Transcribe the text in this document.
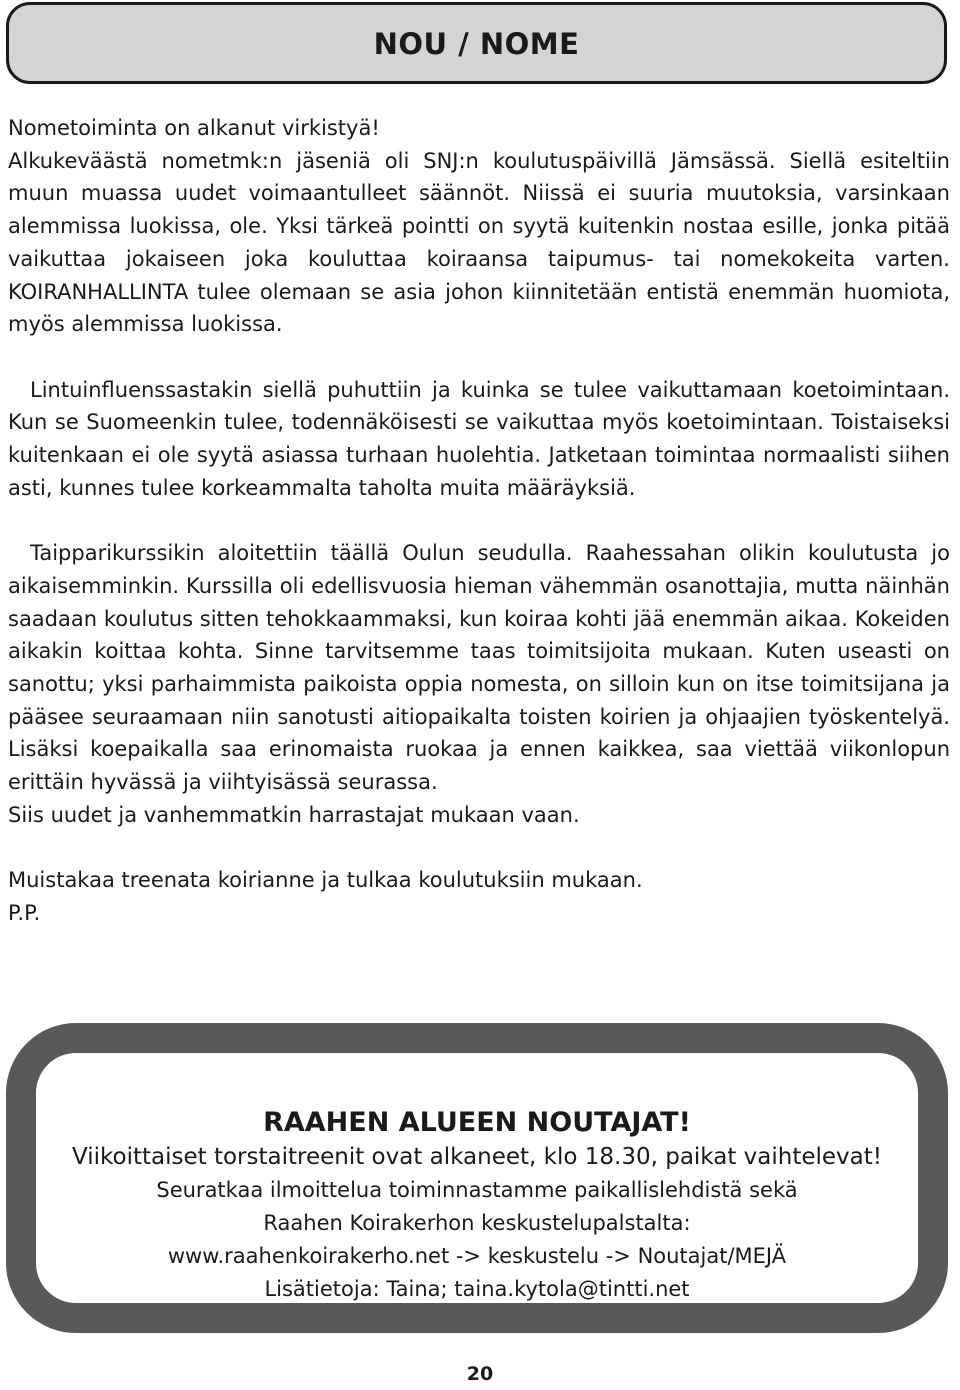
NOU / NOME

Nometoiminta on alkanut virkistyä!

Alkukeväästä nometmk:n jäseniä oli SNJ:n koulutuspäivillä Jämsässä. Siellä esiteltiin muun muassa uudet voimaantulleet säännöt. Niissä ei suuria muutoksia, varsinkaan alemmissa luokissa, ole. Yksi tärkeä pointti on syytä kuitenkin nostaa esille, jonka pitää vaikuttaa jokaiseen joka kouluttaa koiraansa taipumus- tai nomekokeita varten. KOIRANHALLINTA tulee olemaan se asia johon kiinnitetään entistä enemmän huomiota, myös alemmissa luokissa.

Lintuinfluenssastakin siellä puhuttiin ja kuinka se tulee vaikuttamaan koetoimintaan. Kun se Suomeenkin tulee, todennäköisesti se vaikuttaa myös koetoimintaan. Toistaiseksi kuitenkaan ei ole syytä asiassa turhaan huolehtia. Jatketaan toimintaa normaalisti siihen asti, kunnes tulee korkeammalta taholta muita määräyksiä.

Taipparikurssikin aloitettiin täällä Oulun seudulla. Raahessahan olikin koulutusta jo aikaisemminkin. Kurssilla oli edellisvuosia hieman vähemmän osanottajia, mutta näinhän saadaan koulutus sitten tehokkaammaksi, kun koiraa kohti jää enemmän aikaa. Kokeiden aikakin koittaa kohta. Sinne tarvitsemme taas toimitsijoita mukaan. Kuten useasti on sanottu; yksi parhaimmista paikoista oppia nomesta, on silloin kun on itse toimitsijana ja pääsee seuraamaan niin sanotusti aitiopaikalta toisten koirien ja ohjaajien työskentelyä. Lisäksi koepaikalla saa erinomaista ruokaa ja ennen kaikkea, saa viettää viikonlopun erittäin hyvässä ja viihtyisässä seurassa.

Siis uudet ja vanhemmatkin harrastajat mukaan vaan.

Muistakaa treenata koirianne ja tulkaa koulutuksiin mukaan.

P.P.

RAAHEN ALUEEN NOUTAJAT!
Viikoittaiset torstaitreenit ovat alkaneet, klo 18.30, paikat vaihtelevat!
Seuratkaa ilmoittelua toiminnastamme paikallislehdistä sekä
Raahen Koirakerhon keskustelupalstalta:
www.raahenkoirakerho.net -> keskustelu -> Noutajat/MEJÄ
Lisätietoja: Taina; taina.kytola@tintti.net
20
